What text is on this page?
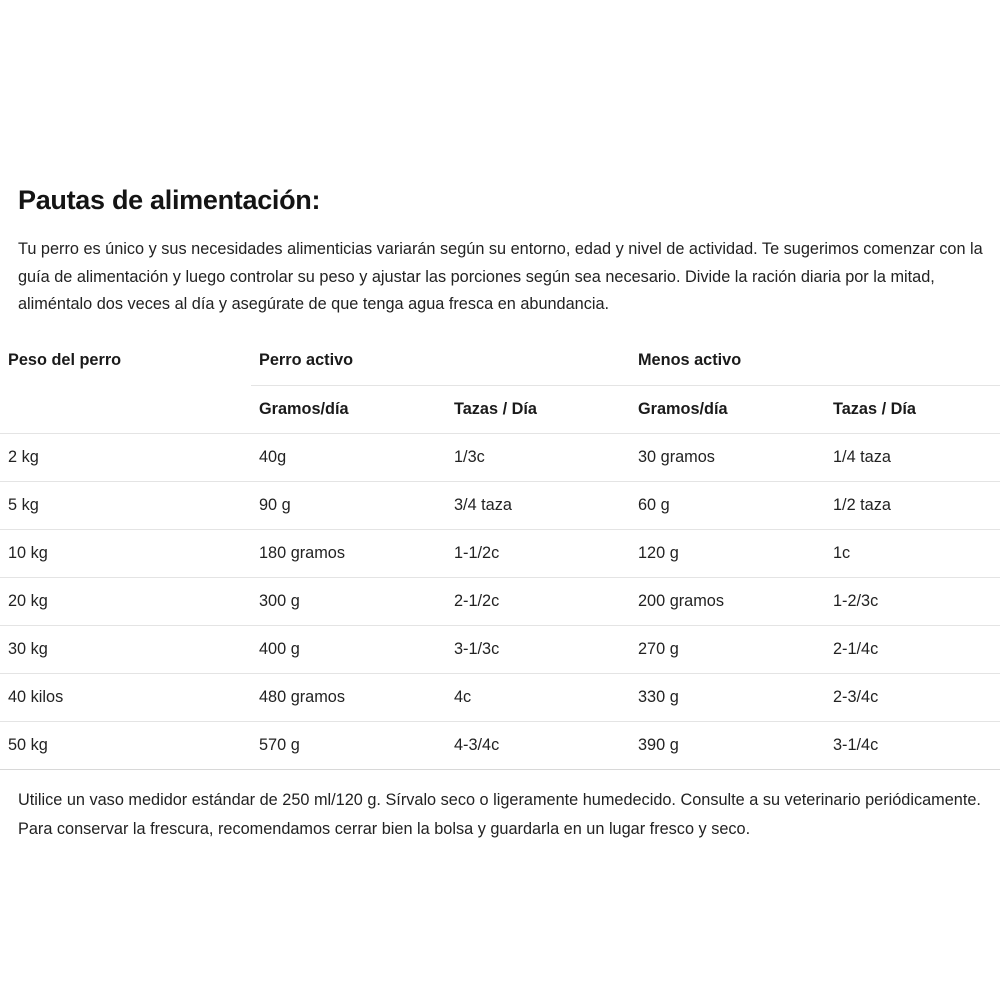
Pautas de alimentación:

Tu perro es único y sus necesidades alimenticias variarán según su entorno, edad y nivel de actividad. Te sugerimos comenzar con la guía de alimentación y luego controlar su peso y ajustar las porciones según sea necesario. Divide la ración diaria por la mitad, aliméntalo dos veces al día y asegúrate de que tenga agua fresca en abundancia.

Peso del perro	Perro activo		Menos activo	
	Gramos/día	Tazas / Día	Gramos/día	Tazas / Día
2 kg	40g	1/3c	30 gramos	1/4 taza
5 kg	90 g	3/4 taza	60 g	1/2 taza
10 kg	180 gramos	1-1/2c	120 g	1c
20 kg	300 g	2-1/2c	200 gramos	1-2/3c
30 kg	400 g	3-1/3c	270 g	2-1/4c
40 kilos	480 gramos	4c	330 g	2-3/4c
50 kg	570 g	4-3/4c	390 g	3-1/4c

Utilice un vaso medidor estándar de 250 ml/120 g. Sírvalo seco o ligeramente humedecido. Consulte a su veterinario periódicamente. Para conservar la frescura, recomendamos cerrar bien la bolsa y guardarla en un lugar fresco y seco.
